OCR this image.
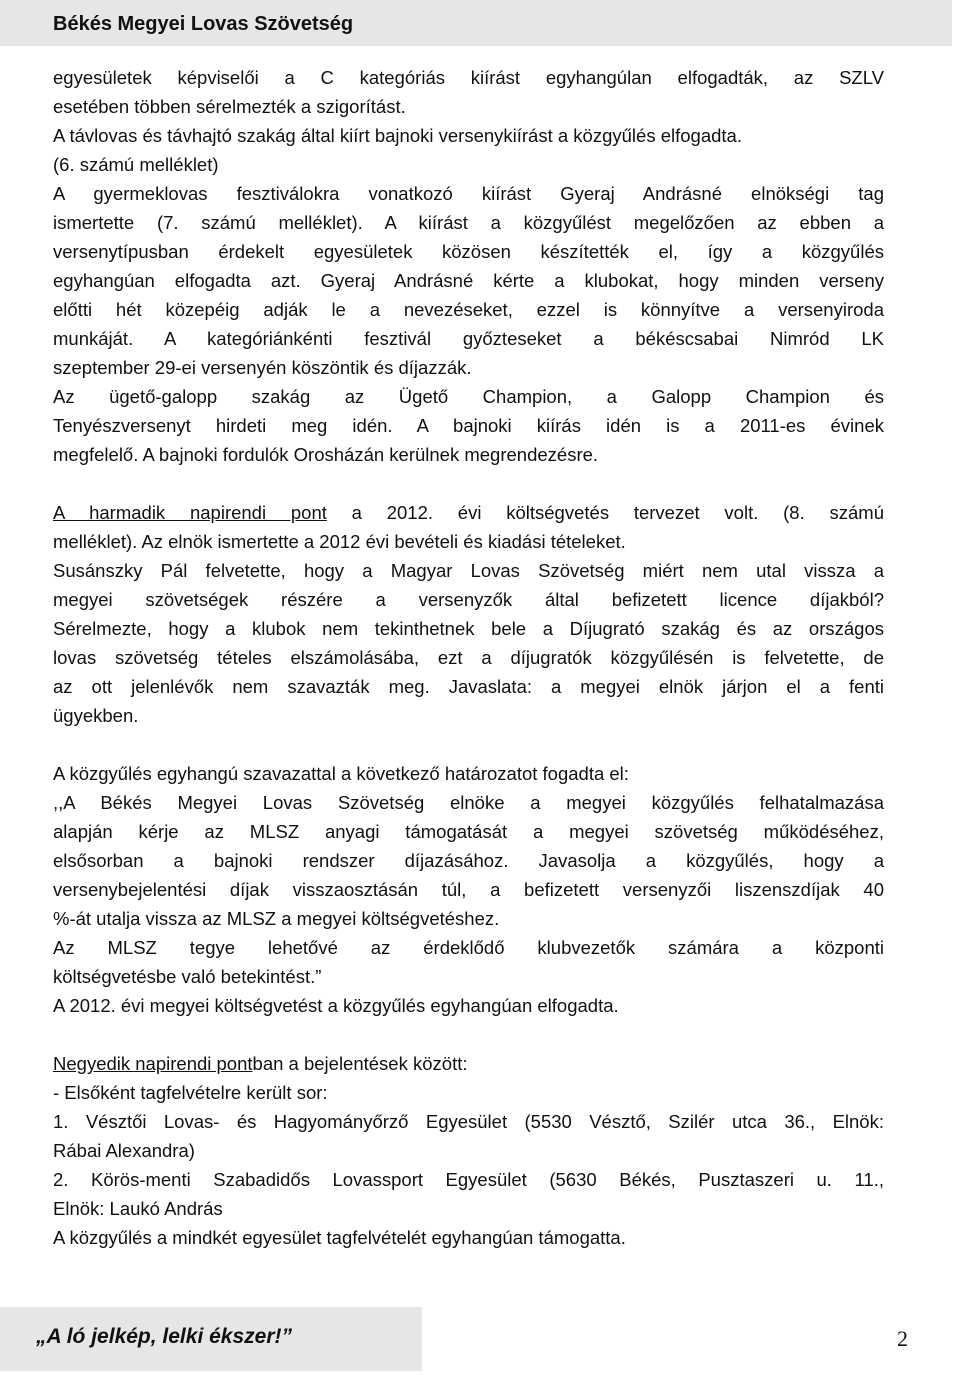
Békés Megyei Lovas Szövetség
egyesületek képviselői a C kategóriás kiírást egyhangúlan elfogadták, az SZLV
esetében többen sérelmezték a szigorítást.
A távlovas és távhajtó szakág által kiírt bajnoki versenykiírást a közgyűlés elfogadta.
(6. számú melléklet)
A gyermeklovas fesztiválokra vonatkozó kiírást Gyeraj Andrásné elnökségi tag
ismertette (7. számú melléklet). A kiírást a közgyűlést megelőzően az ebben a
versenytípusban érdekelt egyesületek közösen készítették el, így a közgyűlés
egyhangúan elfogadta azt. Gyeraj Andrásné kérte a klubokat, hogy minden verseny
előtti hét közepéig adják le a nevezéseket, ezzel is könnyítve a versenyiroda
munkáját. A kategóriánkénti fesztivál győzteseket a békéscsabai Nimród LK
szeptember 29-ei versenyén köszöntik és díjazzák.
Az ügető-galopp szakág az Ügető Champion, a Galopp Champion és
Tenyészversenyt hirdeti meg idén. A bajnoki kiírás idén is a 2011-es évinek
megfelelő. A bajnoki fordulók Orosházán kerülnek megrendezésre.
A harmadik napirendi pont a 2012. évi költségvetés tervezet volt. (8. számú
melléklet). Az elnök ismertette a 2012 évi bevételi és kiadási tételeket.
Susánszky Pál felvetette, hogy a Magyar Lovas Szövetség miért nem utal vissza a
megyei szövetségek részére a versenyzők által befizetett licence díjakból?
Sérelmezte, hogy a klubok nem tekinthetnek bele a Díjugrató szakág és az országos
lovas szövetség tételes elszámolásába, ezt a díjugratók közgyűlésén is felvetette, de
az ott jelenlévők nem szavazták meg. Javaslata: a megyei elnök járjon el a fenti
ügyekben.
A közgyűlés egyhangú szavazattal a következő határozatot fogadta el:
,,A Békés Megyei Lovas Szövetség elnöke a megyei közgyűlés felhatalmazása
alapján kérje az MLSZ anyagi támogatását a megyei szövetség működéséhez,
elsősorban a bajnoki rendszer díjazásához. Javasolja a közgyűlés, hogy a
versenybejelentési díjak visszaosztásán túl, a befizetett versenyzői liszenszdíjak 40
%-át utalja vissza az MLSZ a megyei költségvetéshez.
Az MLSZ tegye lehetővé az érdeklődő klubvezetők számára a központi
költségvetésbe való betekintést.”
A 2012. évi megyei költségvetést a közgyűlés egyhangúan elfogadta.
Negyedik napirendi pontban a bejelentések között:
- Elsőként tagfelvételre került sor:
1. Vésztői Lovas- és Hagyományőrző Egyesület (5530 Vésztő, Szilér utca 36., Elnök:
Rábai Alexandra)
2. Körös-menti Szabadidős Lovassport Egyesület (5630 Békés, Pusztaszeri u. 11.,
Elnök: Laukó András
A közgyűlés a mindkét egyesület tagfelvételét egyhangúan támogatta.
„A ló jelkép, lelki ékszer!”	2
